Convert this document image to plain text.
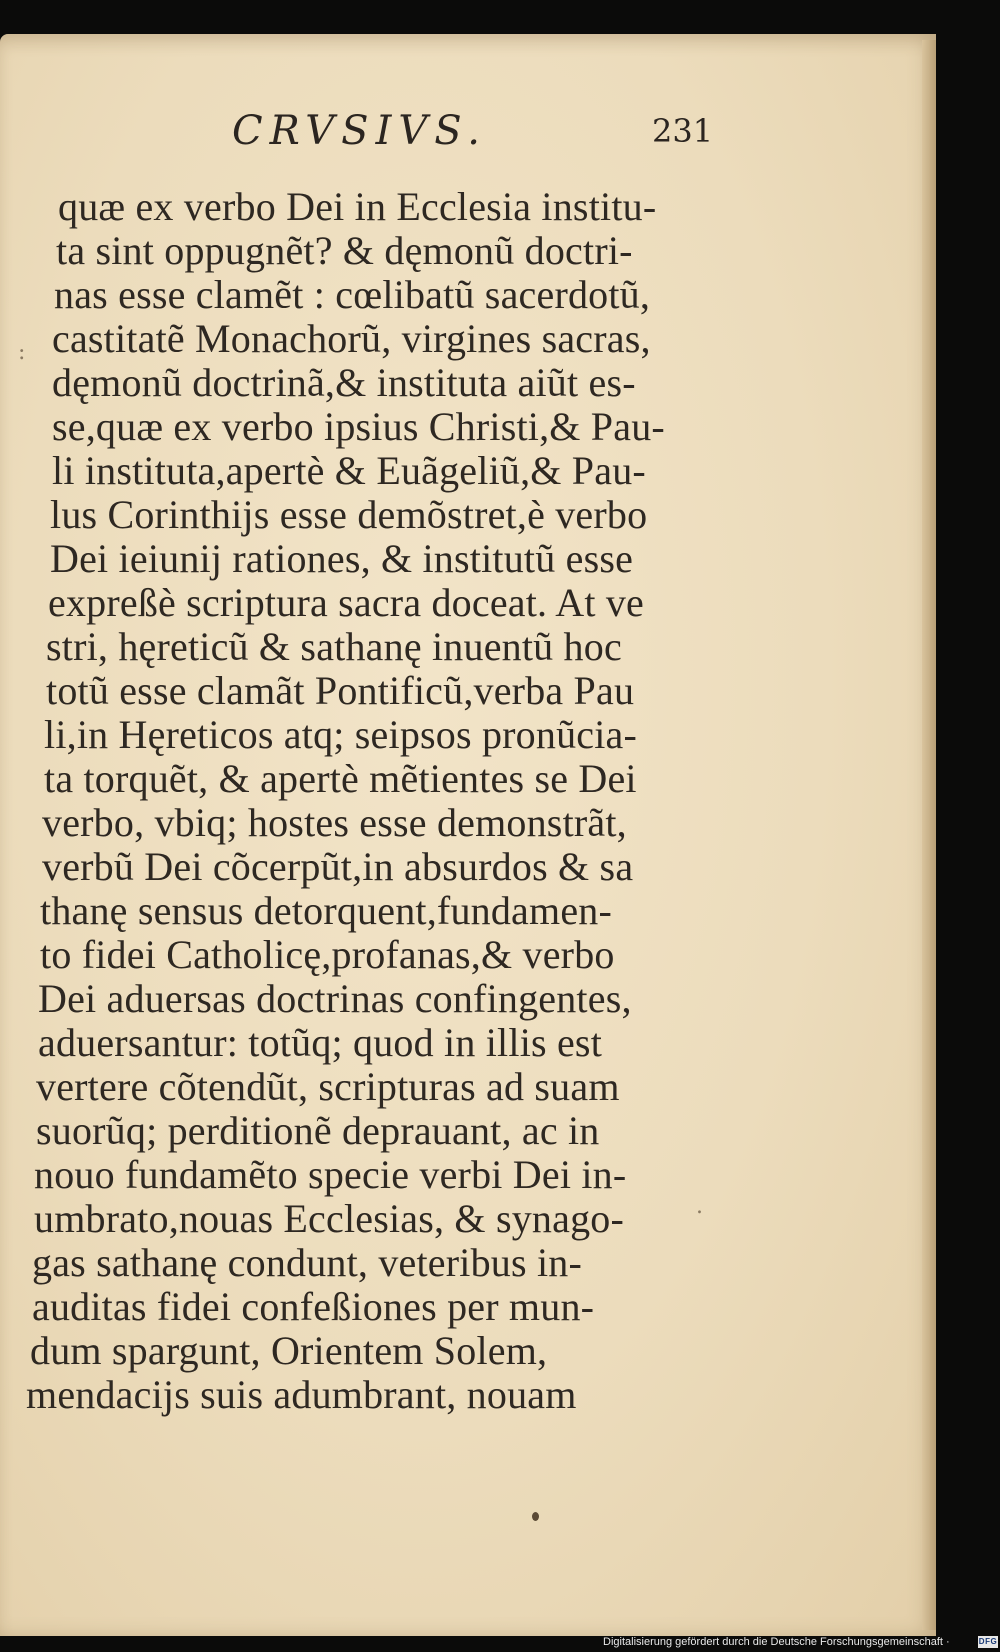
CRVSIVS.	231
quæ ex verbo Dei in Ecclesia institu-
ta sint oppugnẽt? & dęmonũ doctri-
nas esse clamẽt : cœlibatũ sacerdotũ,
castitatẽ Monachorũ, virgines sacras,
dęmonũ doctrinã,& instituta aiũt es-
se,quæ ex verbo ipsius Christi,& Pau-
li instituta,apertè & Euãgeliũ,& Pau-
lus Corinthijs esse demõstret,è verbo
Dei ieiunij rationes, & institutũ esse
expreßè scriptura sacra doceat. At ve
stri, hęreticũ & sathanę inuentũ hoc
totũ esse clamãt Pontificũ,verba Pau
li,in Hęreticos atq; seipsos pronũcia-
ta torquẽt, & apertè mẽtientes se Dei
verbo, vbiq; hostes esse demonstrãt,
verbũ Dei cõcerpũt,in absurdos & sa
thanę sensus detorquent,fundamen-
to fidei Catholicę,profanas,& verbo
Dei aduersas doctrinas confingentes,
aduersantur: totũq; quod in illis est
vertere cõtendũt, scripturas ad suam
suorũq; perditionẽ deprauant, ac in
nouo fundamẽto specie verbi Dei in-
umbrato,nouas Ecclesias, & synago-
gas sathanę condunt, veteribus in-
auditas fidei confeßiones per mun-
dum spargunt, Orientem Solem,
mendacijs suis adumbrant, nouam
:
.
Digitalisierung gefördert durch die Deutsche Forschungsgemeinschaft ·	DFG
